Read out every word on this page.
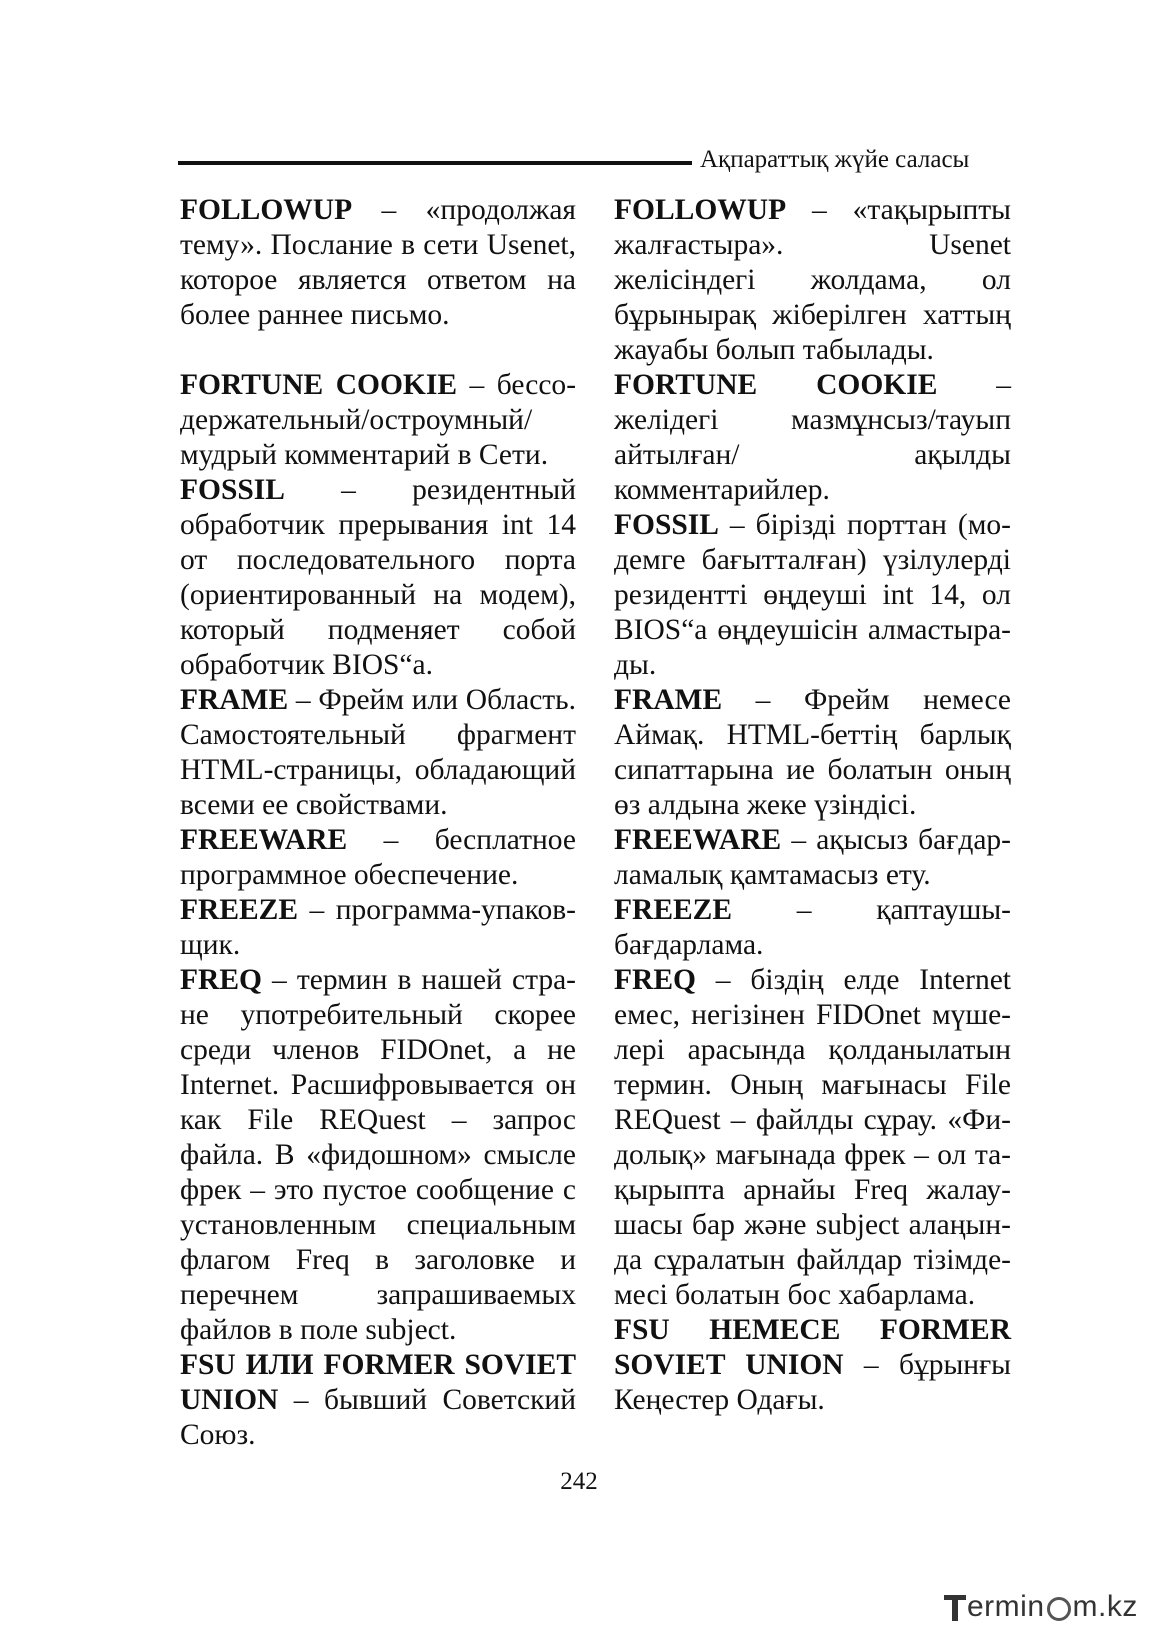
Ақпараттық жүйе саласы

FOLLOWUP – «продолжая тему». Послание в сети Usenet, которое является ответом на более раннее письмо.

FORTUNE COOKIE – бессодержательный/остроумный/ мудрый комментарий в Сети.

FOSSIL – резидентный обработчик прерывания int 14 от последовательного порта (ориентированный на модем), который подменяет собой обработчик BIOS“а.

FRAME – Фрейм или Область. Самостоятельный фрагмент HTML-страницы, обладающий всеми ее свойствами.

FREEWARE – бесплатное программное обеспечение.

FREEZE – программа-упаковщик.

FREQ – термин в нашей стране употребительный скорее среди членов FIDOnet, а не Internet. Расшифровывается он как File REQuest – запрос файла. В «фидошном» смысле фрек – это пустое сообщение с установленным специальным флагом Freq в заголовке и перечнем запрашиваемых файлов в поле subject.

FSU ИЛИ FORMER SOVIET UNION – бывший Советский Союз.

FOLLOWUP – «тақырыпты жалғастыра». Usenet желісіндегі жолдама, ол бұрынырақ жіберілген хаттың жауабы болып табылады.

FORTUNE COOKIE – желідегі мазмұнсыз/тауып айтылған/ ақылды комментарийлер.

FOSSIL – бірізді порттан (модемге бағытталған) үзілулерді резидентті өңдеуші int 14, ол BIOS“а өңдеушісін алмастырады.

FRAME – Фрейм немесе Аймақ. HTML-беттің барлық сипаттарына ие болатын оның өз алдына жеке үзіндісі.

FREEWARE – ақысыз бағдарламалық қамтамасыз ету.

FREEZE – қаптаушы-бағдарлама.

FREQ – біздің елде Internet емес, негізінен FIDOnet мүшелері арасында қолданылатын термин. Оның мағынасы File REQuest – файлды сұрау. «Фидолық» мағынада фрек – ол тақырыпта арнайы Freq жалаушасы бар және subject алаңында сұралатын файлдар тізімдемесі болатын бос хабарлама.

FSU НЕМЕСЕ FORMER SOVIET UNION – бұрынғы Кеңестер Одағы.

242
ermin m.kz
